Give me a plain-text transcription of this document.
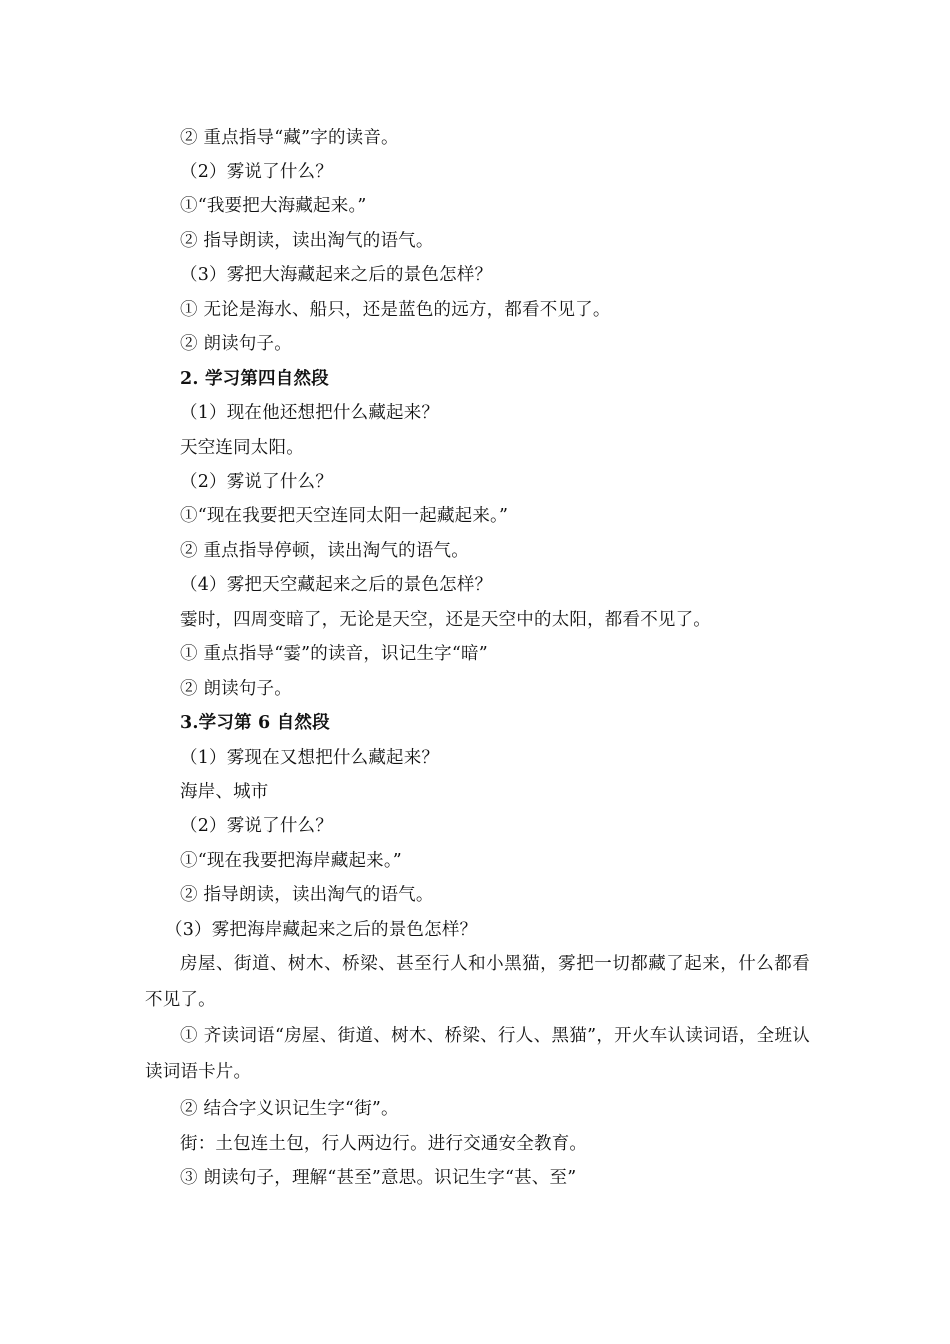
② 重点指导“藏”字的读音。
（2）雾说了什么？
①“我要把大海藏起来。”
② 指导朗读，读出淘气的语气。
（3）雾把大海藏起来之后的景色怎样？
① 无论是海水、船只，还是蓝色的远方，都看不见了。
② 朗读句子。
2. 学习第四自然段
（1）现在他还想把什么藏起来？
天空连同太阳。
（2）雾说了什么？
①“现在我要把天空连同太阳一起藏起来。”
② 重点指导停顿，读出淘气的语气。
（4）雾把天空藏起来之后的景色怎样？
霎时，四周变暗了，无论是天空，还是天空中的太阳，都看不见了。
① 重点指导“霎”的读音，识记生字“暗”
② 朗读句子。
3.学习第 6 自然段
（1）雾现在又想把什么藏起来？
海岸、城市
（2）雾说了什么？
①“现在我要把海岸藏起来。”
② 指导朗读，读出淘气的语气。
（3）雾把海岸藏起来之后的景色怎样？
房屋、街道、树木、桥梁、甚至行人和小黑猫，雾把一切都藏了起来，什么都看不见了。
① 齐读词语“房屋、街道、树木、桥梁、行人、黑猫”，开火车认读词语，全班认读词语卡片。
② 结合字义识记生字“街”。
街：土包连土包，行人两边行。进行交通安全教育。
③ 朗读句子，理解“甚至”意思。识记生字“甚、至”
